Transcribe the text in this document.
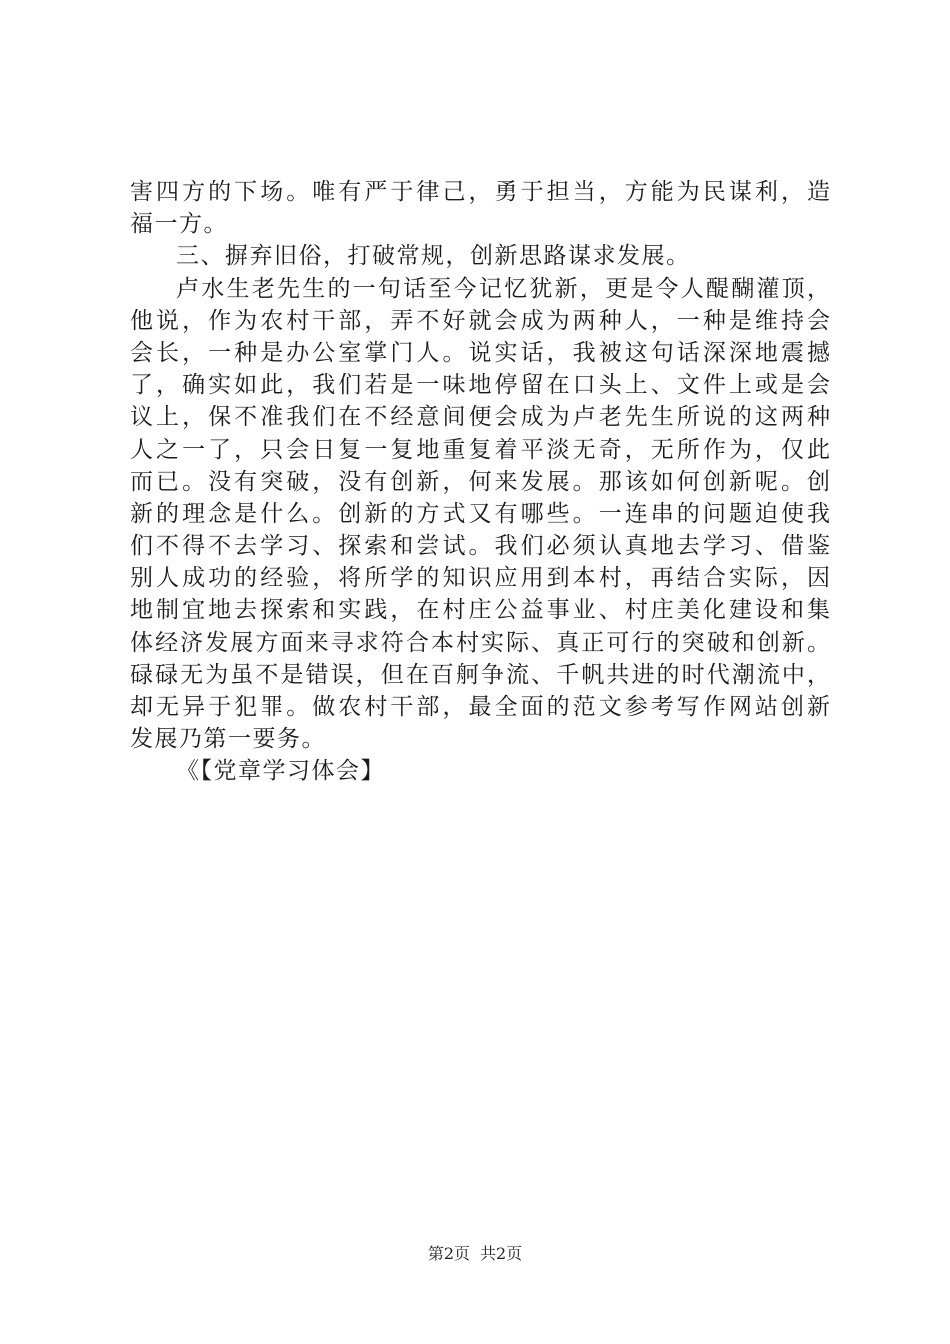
害四方的下场。唯有严于律己，勇于担当，方能为民谋利，造
福一方。
三、摒弃旧俗，打破常规，创新思路谋求发展。
卢水生老先生的一句话至今记忆犹新，更是令人醍醐灌顶，
他说，作为农村干部，弄不好就会成为两种人，一种是维持会
会长，一种是办公室掌门人。说实话，我被这句话深深地震撼
了，确实如此，我们若是一味地停留在口头上、文件上或是会
议上，保不准我们在不经意间便会成为卢老先生所说的这两种
人之一了，只会日复一复地重复着平淡无奇，无所作为，仅此
而已。没有突破，没有创新，何来发展。那该如何创新呢。创
新的理念是什么。创新的方式又有哪些。一连串的问题迫使我
们不得不去学习、探索和尝试。我们必须认真地去学习、借鉴
别人成功的经验，将所学的知识应用到本村，再结合实际，因
地制宜地去探索和实践，在村庄公益事业、村庄美化建设和集
体经济发展方面来寻求符合本村实际、真正可行的突破和创新。
碌碌无为虽不是错误，但在百舸争流、千帆共进的时代潮流中，
却无异于犯罪。做农村干部，最全面的范文参考写作网站创新
发展乃第一要务。
《【党章学习体会】
第2页 共2页
